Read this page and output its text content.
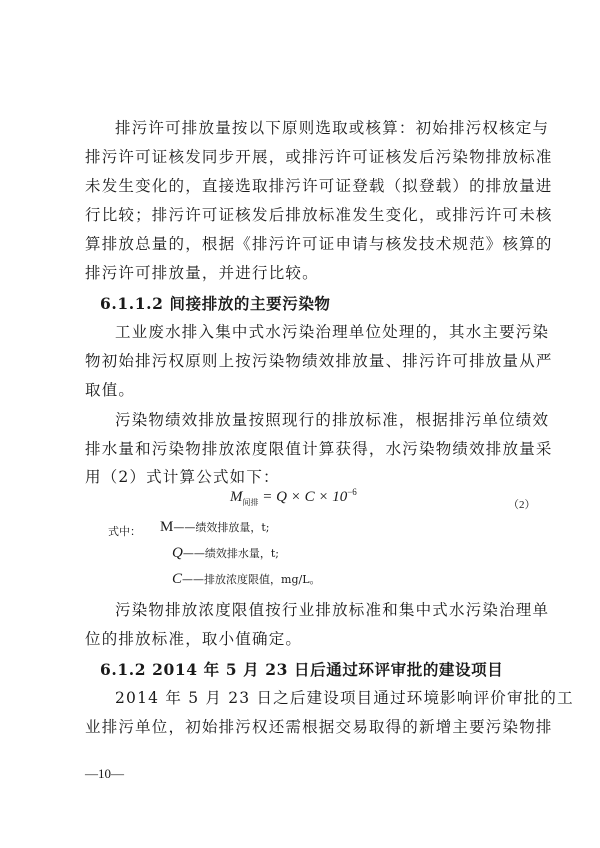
排污许可排放量按以下原则选取或核算：初始排污权核定与
排污许可证核发同步开展，或排污许可证核发后污染物排放标准
未发生变化的，直接选取排污许可证登载（拟登载）的排放量进
行比较；排污许可证核发后排放标准发生变化，或排污许可未核
算排放总量的，根据《排污许可证申请与核发技术规范》核算的
排污许可排放量，并进行比较。
6.1.1.2 间接排放的主要污染物
工业废水排入集中式水污染治理单位处理的，其水主要污染
物初始排污权原则上按污染物绩效排放量、排污许可排放量从严
取值。
污染物绩效排放量按照现行的排放标准，根据排污单位绩效
排水量和污染物排放浓度限值计算获得，水污染物绩效排放量采
用（2）式计算公式如下：
$M_{间排} = Q \times C \times 10^{-6}$
（2）
式中： M——绩效排放量，t;
Q——绩效排水量，t;
C——排放浓度限值，mg/L。
污染物排放浓度限值按行业排放标准和集中式水污染治理单
位的排放标准，取小值确定。
6.1.2 2014 年 5 月 23 日后通过环评审批的建设项目
2014 年 5 月 23 日之后建设项目通过环境影响评价审批的工
业排污单位，初始排污权还需根据交易取得的新增主要污染物排
—10—
